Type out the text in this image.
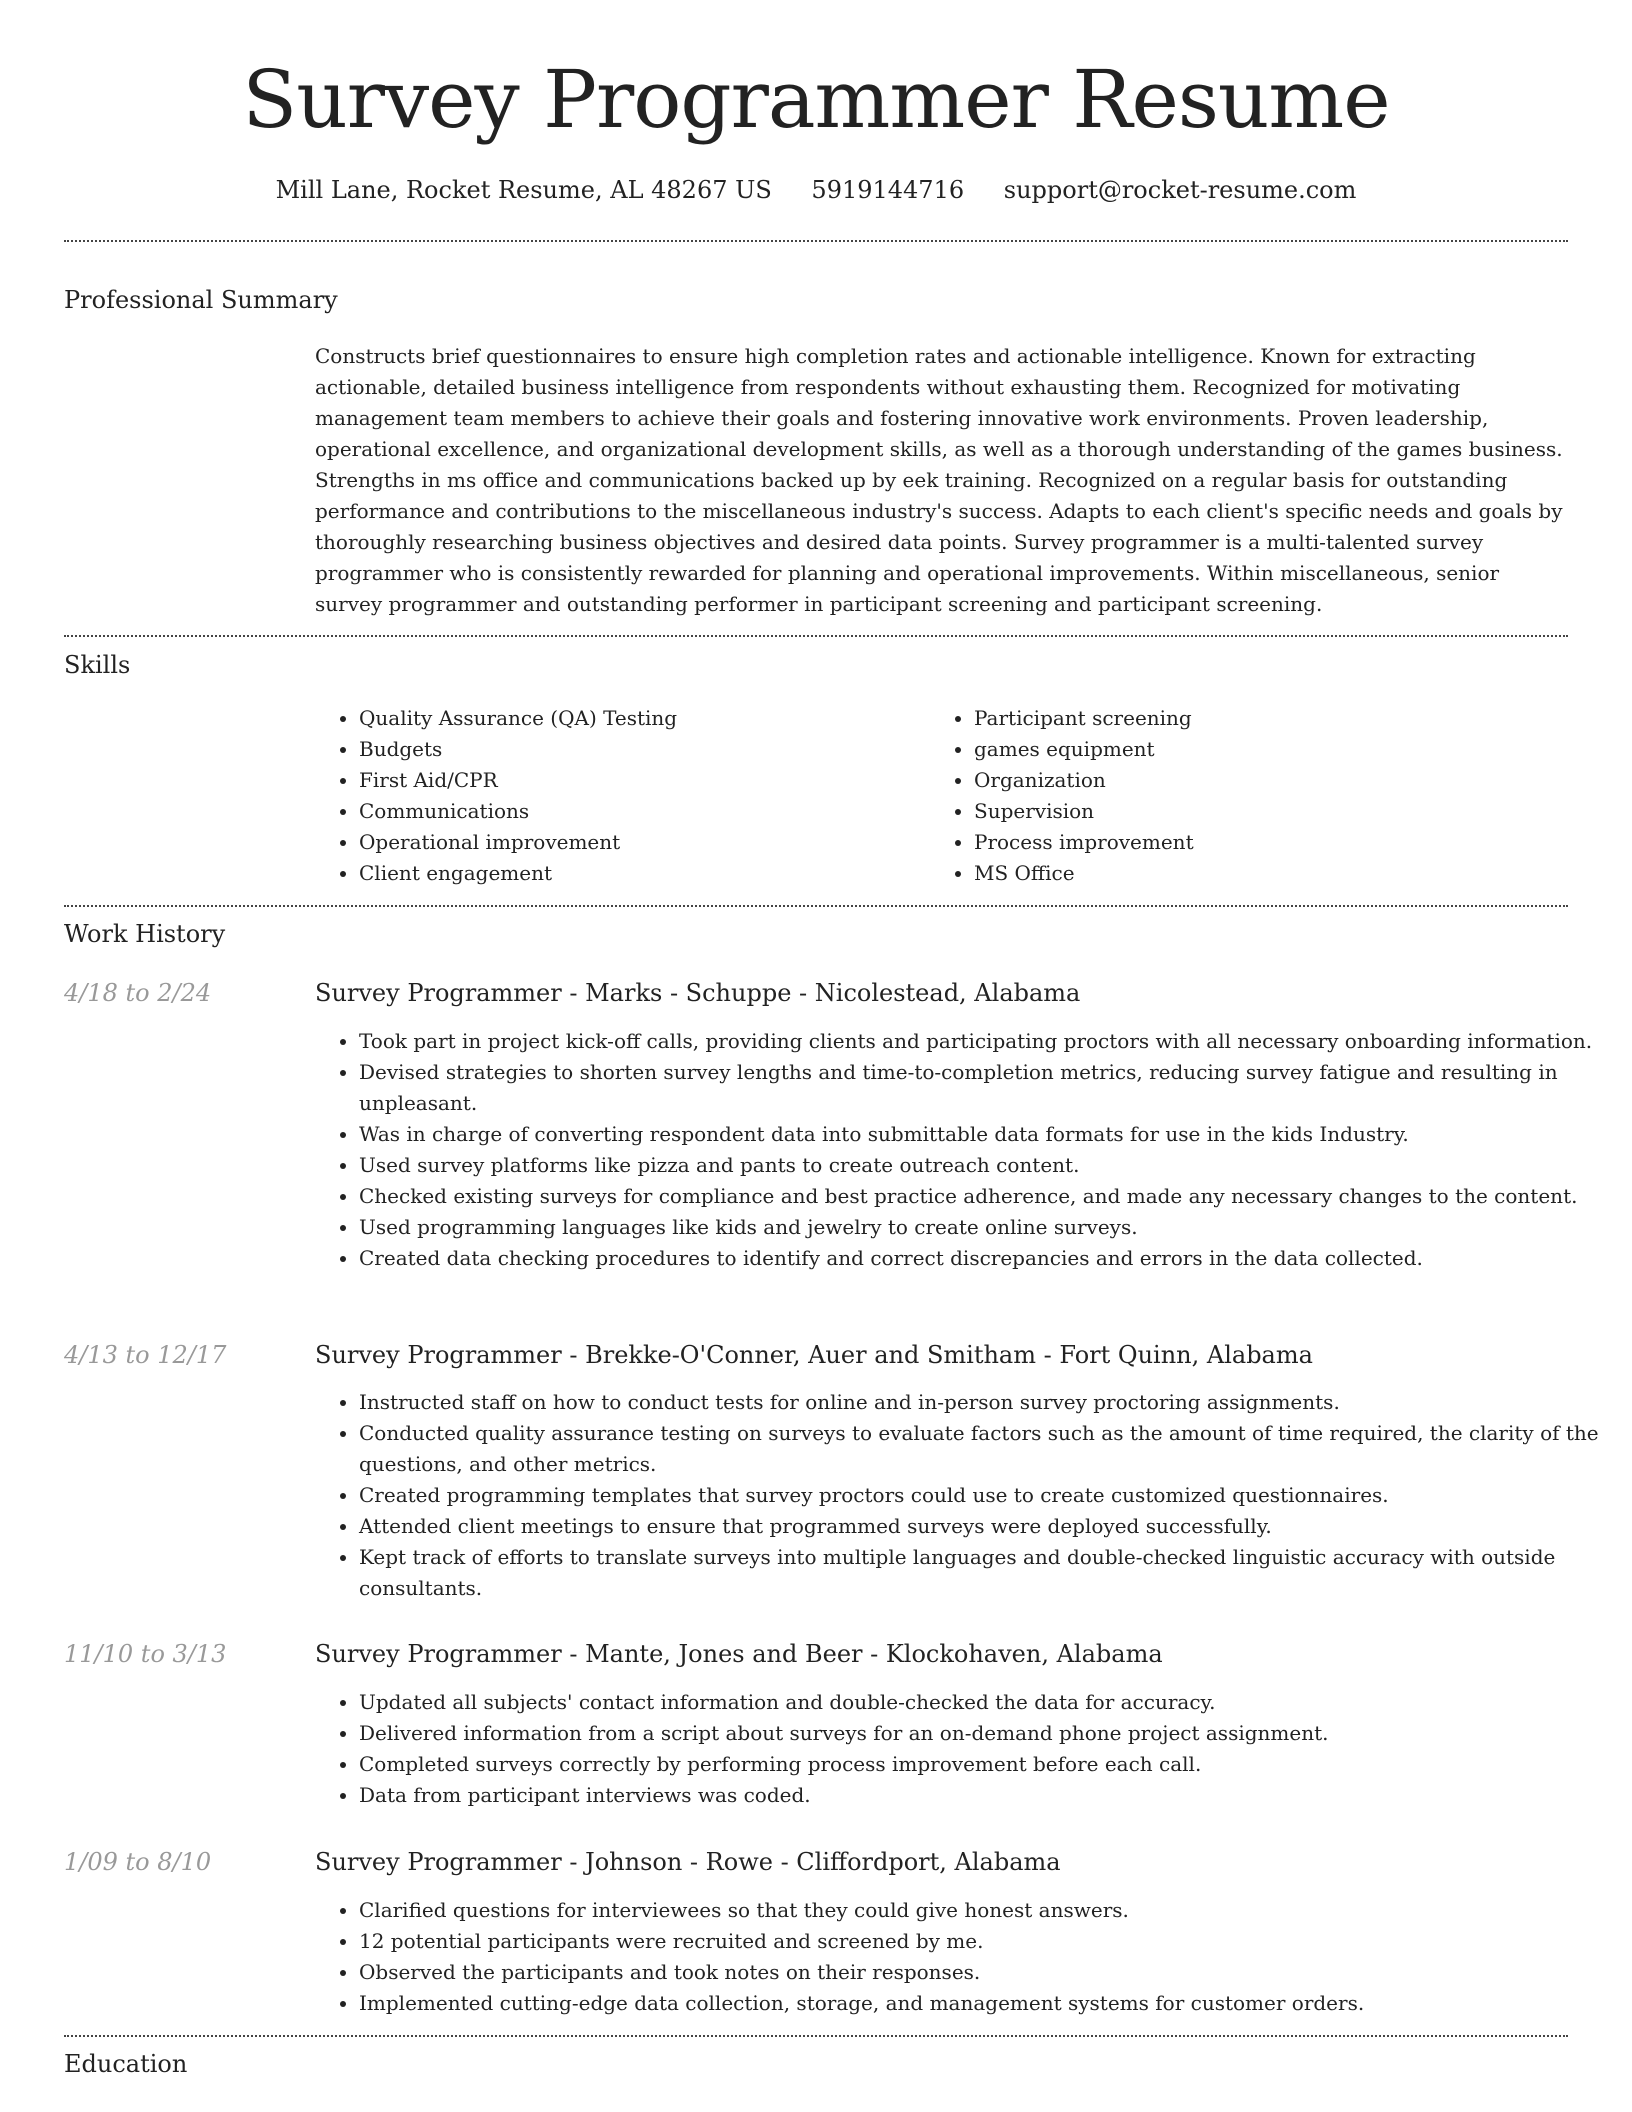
Survey Programmer Resume
Mill Lane, Rocket Resume, AL 48267 US 5919144716 support@rocket-resume.com
Professional Summary

Constructs brief questionnaires to ensure high completion rates and actionable intelligence. Known for extracting actionable, detailed business intelligence from respondents without exhausting them. Recognized for motivating management team members to achieve their goals and fostering innovative work environments. Proven leadership, operational excellence, and organizational development skills, as well as a thorough understanding of the games business. Strengths in ms office and communications backed up by eek training. Recognized on a regular basis for outstanding performance and contributions to the miscellaneous industry's success. Adapts to each client's specific needs and goals by thoroughly researching business objectives and desired data points. Survey programmer is a multi-talented survey programmer who is consistently rewarded for planning and operational improvements. Within miscellaneous, senior survey programmer and outstanding performer in participant screening and participant screening.

Skills
• Quality Assurance (QA) Testing
• Budgets
• First Aid/CPR
• Communications
• Operational improvement
• Client engagement
• Participant screening
• games equipment
• Organization
• Supervision
• Process improvement
• MS Office
Work History
4/18 to 2/24	Survey Programmer - Marks - Schuppe - Nicolestead, Alabama
• Took part in project kick-off calls, providing clients and participating proctors with all necessary onboarding information.
• Devised strategies to shorten survey lengths and time-to-completion metrics, reducing survey fatigue and resulting in unpleasant.
• Was in charge of converting respondent data into submittable data formats for use in the kids Industry.
• Used survey platforms like pizza and pants to create outreach content.
• Checked existing surveys for compliance and best practice adherence, and made any necessary changes to the content.
• Used programming languages like kids and jewelry to create online surveys.
• Created data checking procedures to identify and correct discrepancies and errors in the data collected.
4/13 to 12/17	Survey Programmer - Brekke-O'Conner, Auer and Smitham - Fort Quinn, Alabama
• Instructed staff on how to conduct tests for online and in-person survey proctoring assignments.
• Conducted quality assurance testing on surveys to evaluate factors such as the amount of time required, the clarity of the questions, and other metrics.
• Created programming templates that survey proctors could use to create customized questionnaires.
• Attended client meetings to ensure that programmed surveys were deployed successfully.
• Kept track of efforts to translate surveys into multiple languages and double-checked linguistic accuracy with outside consultants.
11/10 to 3/13	Survey Programmer - Mante, Jones and Beer - Klockohaven, Alabama
• Updated all subjects' contact information and double-checked the data for accuracy.
• Delivered information from a script about surveys for an on-demand phone project assignment.
• Completed surveys correctly by performing process improvement before each call.
• Data from participant interviews was coded.
1/09 to 8/10	Survey Programmer - Johnson - Rowe - Cliffordport, Alabama
• Clarified questions for interviewees so that they could give honest answers.
• 12 potential participants were recruited and screened by me.
• Observed the participants and took notes on their responses.
• Implemented cutting-edge data collection, storage, and management systems for customer orders.
Education
